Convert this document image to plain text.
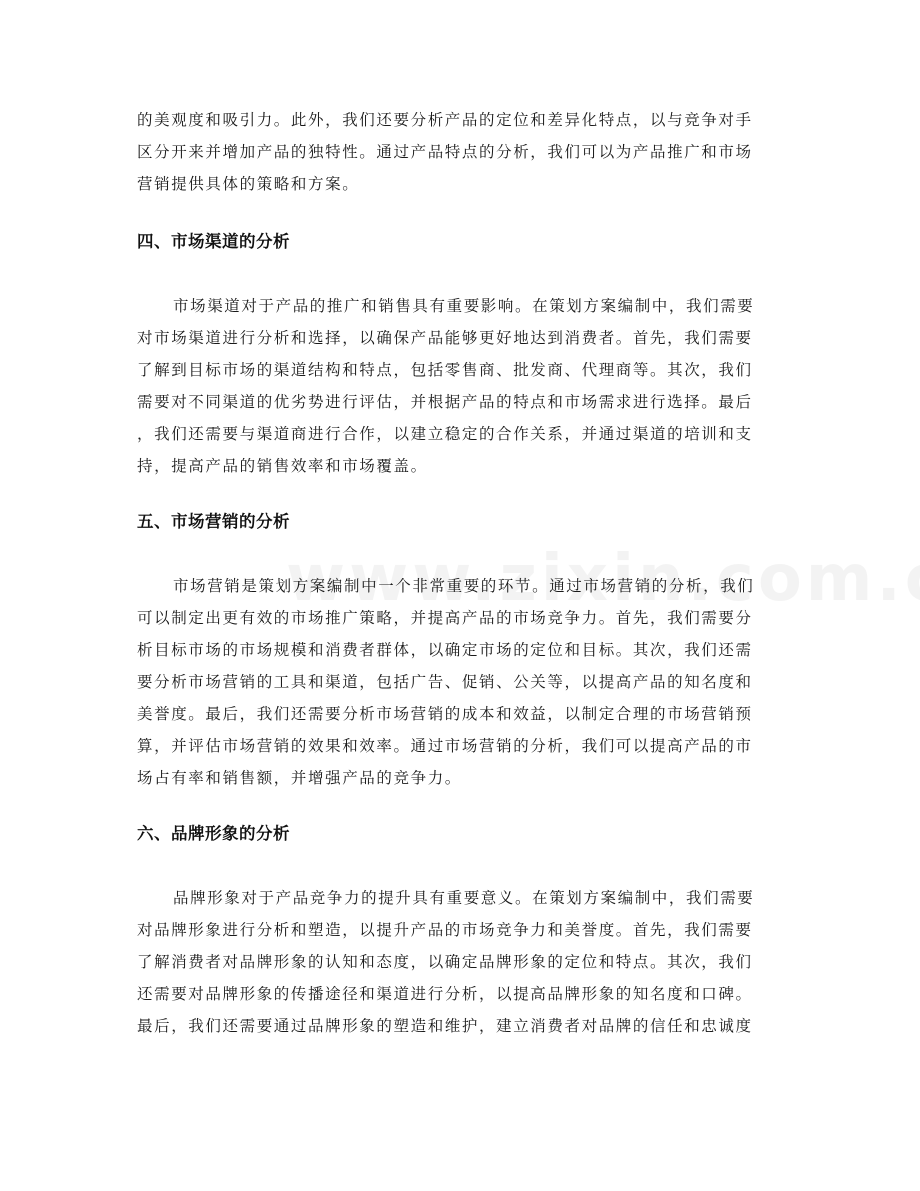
的美观度和吸引力。此外，我们还要分析产品的定位和差异化特点，以与竞争对手
区分开来并增加产品的独特性。通过产品特点的分析，我们可以为产品推广和市场
营销提供具体的策略和方案。
四、市场渠道的分析
市场渠道对于产品的推广和销售具有重要影响。在策划方案编制中，我们需要
对市场渠道进行分析和选择，以确保产品能够更好地达到消费者。首先，我们需要
了解到目标市场的渠道结构和特点，包括零售商、批发商、代理商等。其次，我们
需要对不同渠道的优劣势进行评估，并根据产品的特点和市场需求进行选择。最后
，我们还需要与渠道商进行合作，以建立稳定的合作关系，并通过渠道的培训和支
持，提高产品的销售效率和市场覆盖。
五、市场营销的分析
市场营销是策划方案编制中一个非常重要的环节。通过市场营销的分析，我们
可以制定出更有效的市场推广策略，并提高产品的市场竞争力。首先，我们需要分
析目标市场的市场规模和消费者群体，以确定市场的定位和目标。其次，我们还需
要分析市场营销的工具和渠道，包括广告、促销、公关等，以提高产品的知名度和
美誉度。最后，我们还需要分析市场营销的成本和效益，以制定合理的市场营销预
算，并评估市场营销的效果和效率。通过市场营销的分析，我们可以提高产品的市
场占有率和销售额，并增强产品的竞争力。
六、品牌形象的分析
品牌形象对于产品竞争力的提升具有重要意义。在策划方案编制中，我们需要
对品牌形象进行分析和塑造，以提升产品的市场竞争力和美誉度。首先，我们需要
了解消费者对品牌形象的认知和态度，以确定品牌形象的定位和特点。其次，我们
还需要对品牌形象的传播途径和渠道进行分析，以提高品牌形象的知名度和口碑。
最后，我们还需要通过品牌形象的塑造和维护，建立消费者对品牌的信任和忠诚度
